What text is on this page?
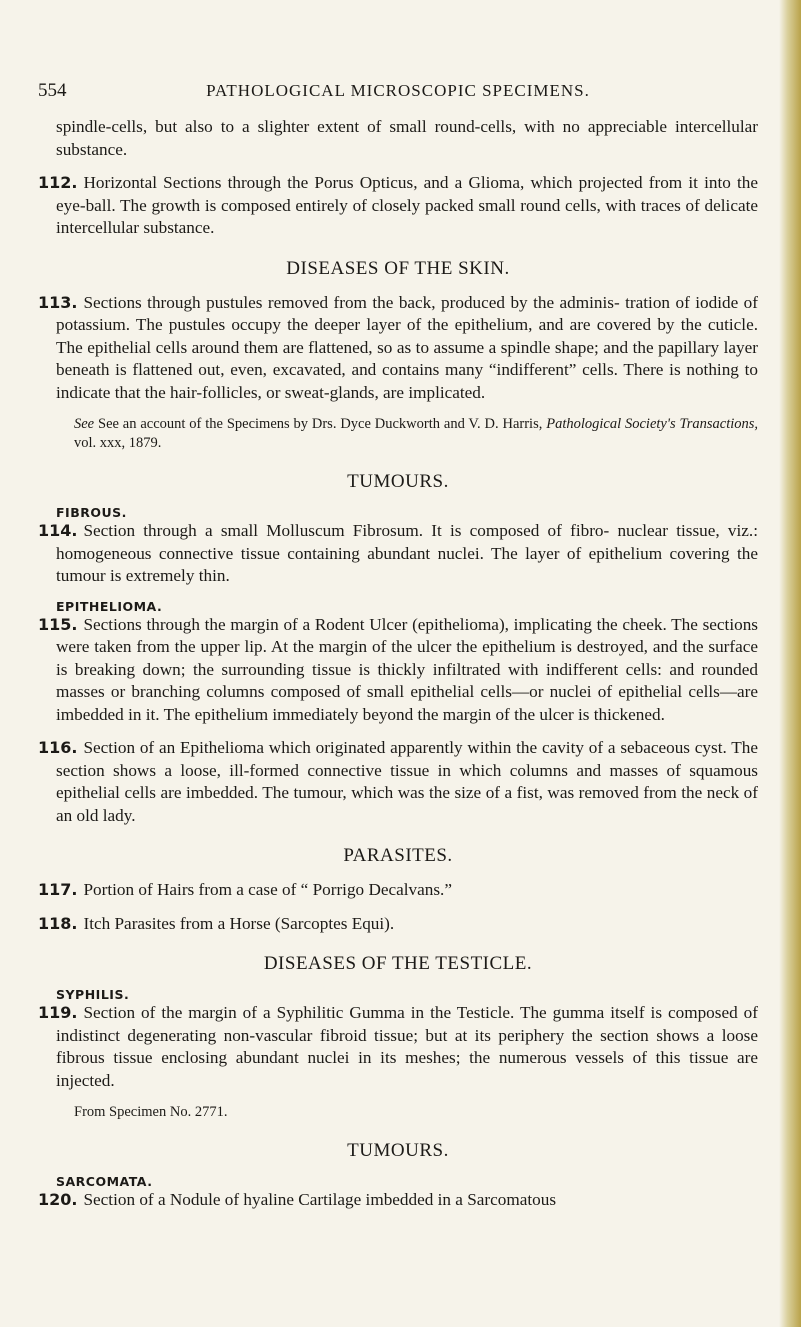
554	PATHOLOGICAL MICROSCOPIC SPECIMENS.

spindle-cells, but also to a slighter extent of small round-cells, with no appreciable intercellular substance.

112. Horizontal Sections through the Porus Opticus, and a Glioma, which projected from it into the eye-ball. The growth is composed entirely of closely packed small round cells, with traces of delicate intercellular substance.

DISEASES OF THE SKIN.

113. Sections through pustules removed from the back, produced by the adminis- tration of iodide of potassium. The pustules occupy the deeper layer of the epithelium, and are covered by the cuticle. The epithelial cells around them are flattened, so as to assume a spindle shape; and the papillary layer beneath is flattened out, even, excavated, and contains many “indifferent” cells. There is nothing to indicate that the hair-follicles, or sweat-glands, are implicated.

See See an account of the Specimens by Drs. Dyce Duckworth and V. D. Harris, Pathological Society's Transactions, vol. xxx, 1879.
TUMOURS.
FIBROUS.

114. Section through a small Molluscum Fibrosum. It is composed of fibro- nuclear tissue, viz.: homogeneous connective tissue containing abundant nuclei. The layer of epithelium covering the tumour is extremely thin.

EPITHELIOMA.

115. Sections through the margin of a Rodent Ulcer (epithelioma), implicating the cheek. The sections were taken from the upper lip. At the margin of the ulcer the epithelium is destroyed, and the surface is breaking down; the surrounding tissue is thickly infiltrated with indifferent cells: and rounded masses or branching columns composed of small epithelial cells—or nuclei of epithelial cells—are imbedded in it. The epithelium immediately beyond the margin of the ulcer is thickened.

116. Section of an Epithelioma which originated apparently within the cavity of a sebaceous cyst. The section shows a loose, ill-formed connective tissue in which columns and masses of squamous epithelial cells are imbedded. The tumour, which was the size of a fist, was removed from the neck of an old lady.

PARASITES.

117. Portion of Hairs from a case of “ Porrigo Decalvans.”

118. Itch Parasites from a Horse (Sarcoptes Equi).

DISEASES OF THE TESTICLE.
SYPHILIS.

119. Section of the margin of a Syphilitic Gumma in the Testicle. The gumma itself is composed of indistinct degenerating non-vascular fibroid tissue; but at its periphery the section shows a loose fibrous tissue enclosing abundant nuclei in its meshes; the numerous vessels of this tissue are injected.

From Specimen No. 2771.
TUMOURS.
SARCOMATA.

120. Section of a Nodule of hyaline Cartilage imbedded in a Sarcomatous
